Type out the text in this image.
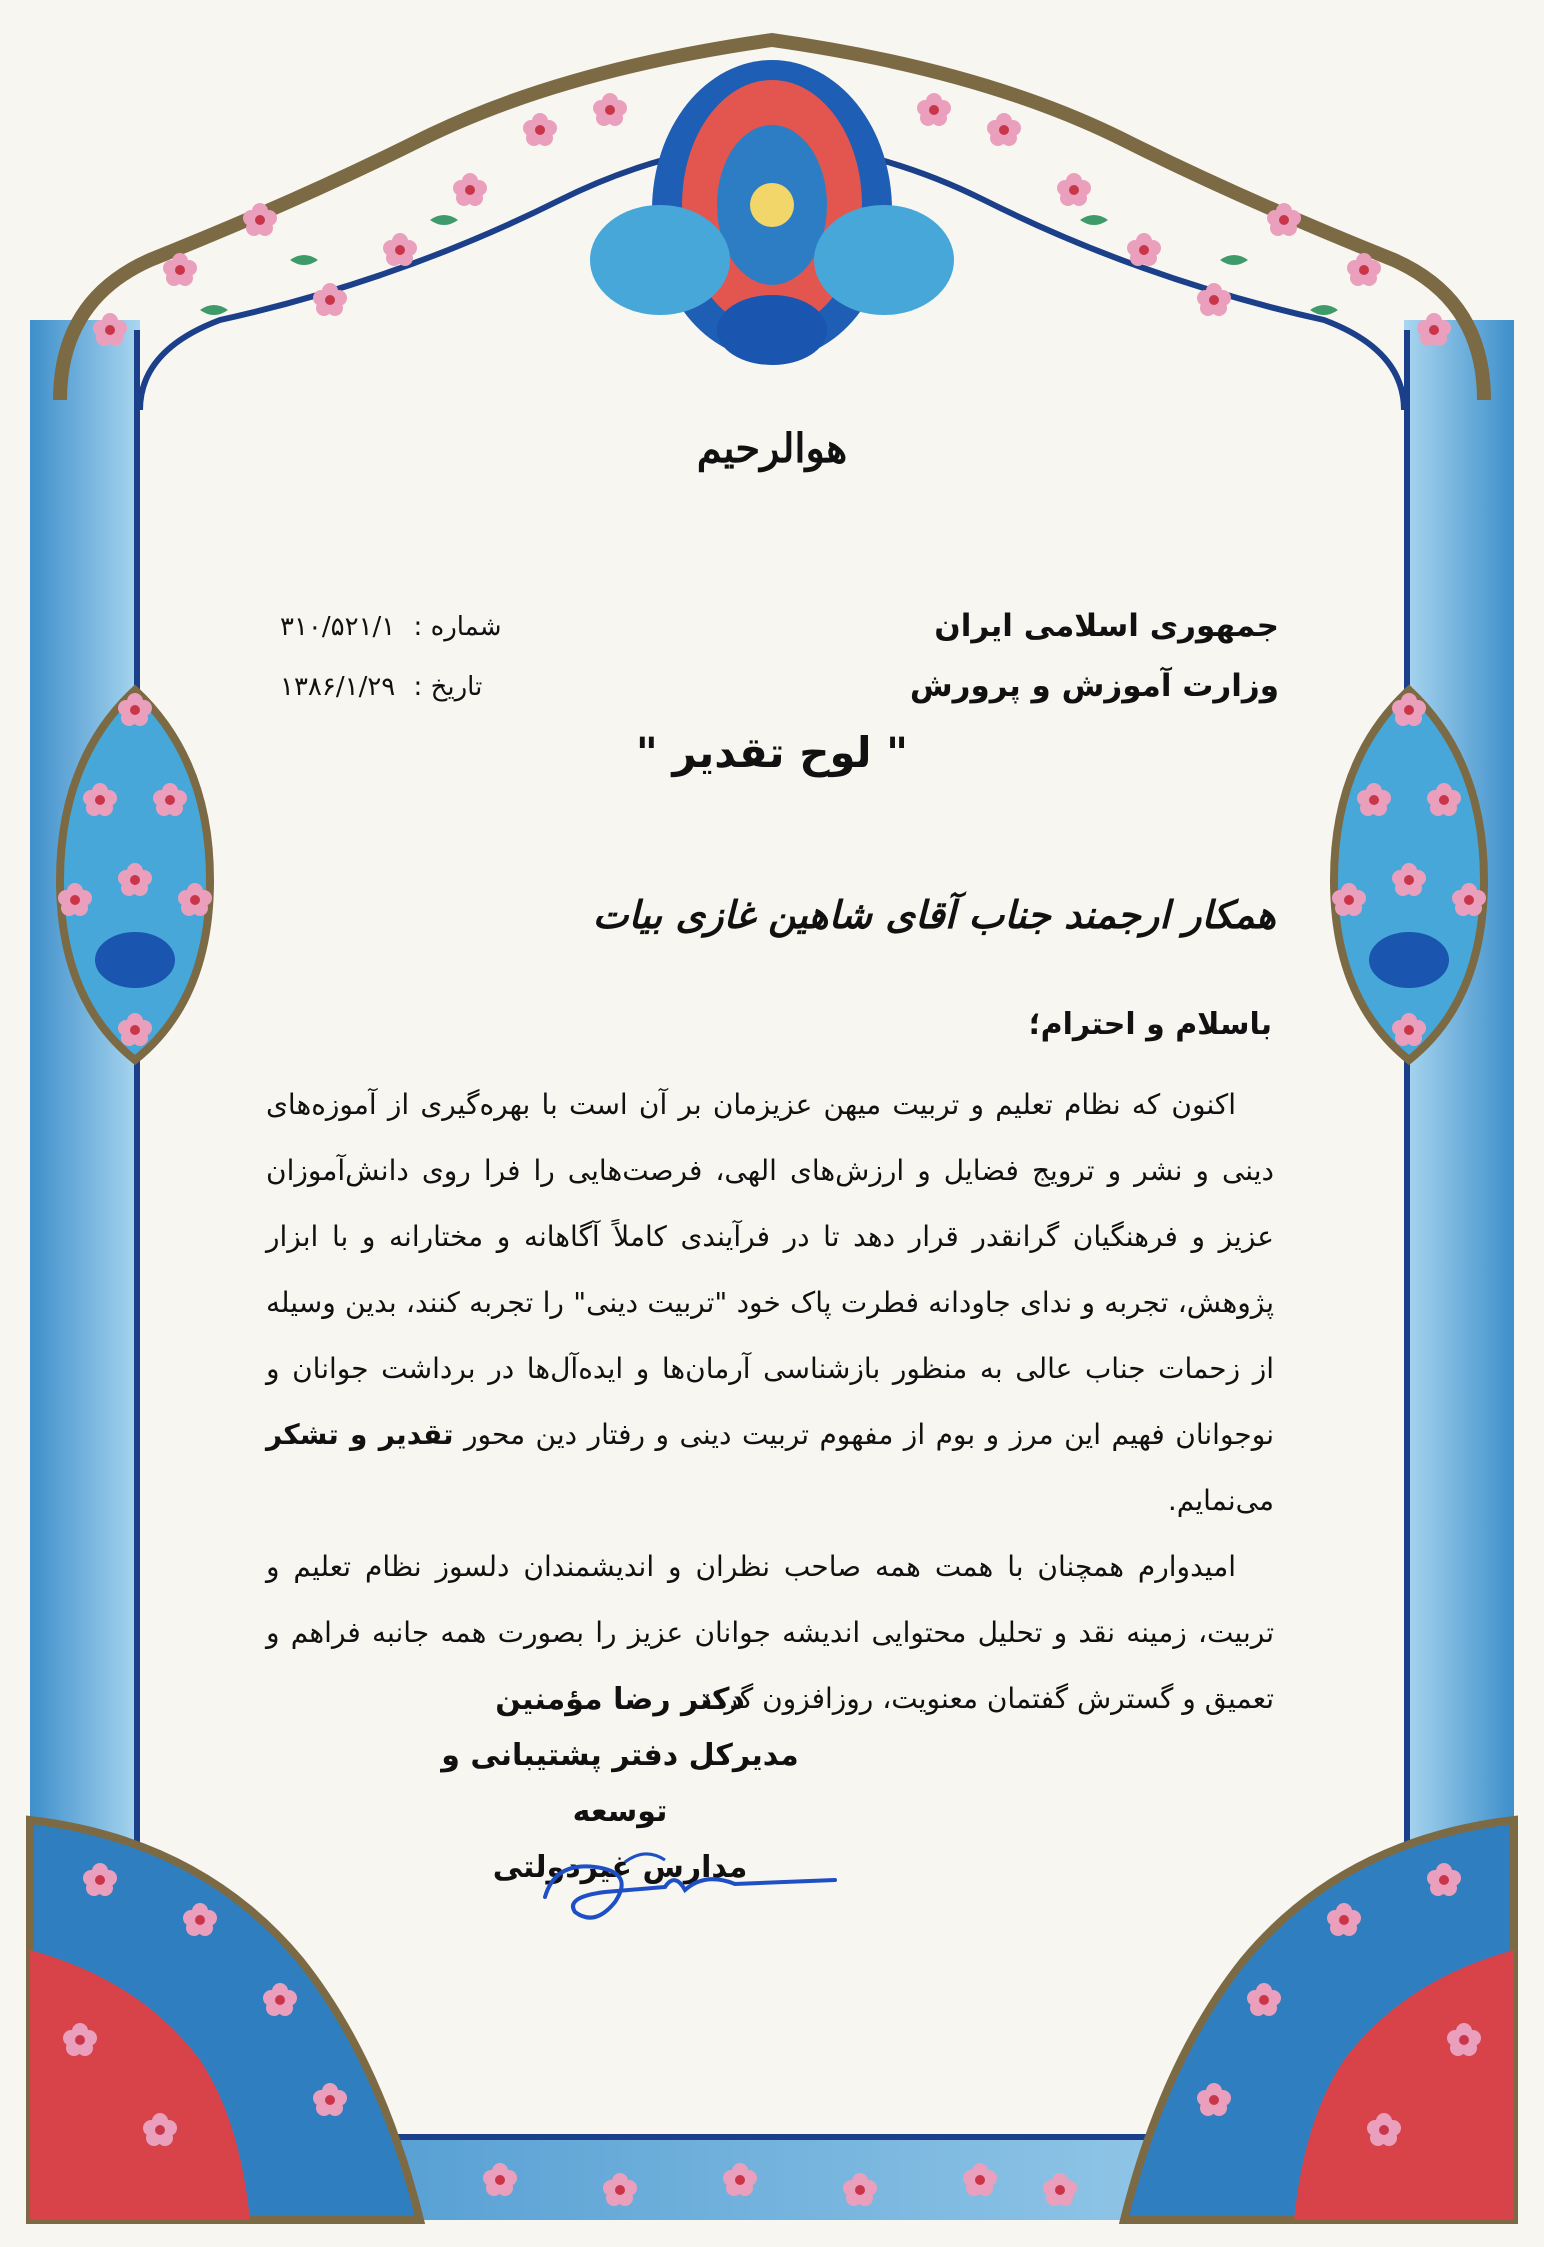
هوالرحیم
جمهوری اسلامی ایران
وزارت آموزش و پرورش
شماره : ۳۱۰/۵۲۱/۱
تاریخ : ۱۳۸۶/۱/۲۹
" لوح تقدیر "
همکار ارجمند جناب آقای شاهین غازی بیات
باسلام و احترام؛

اکنون که نظام تعلیم و تربیت میهن عزیزمان بر آن است با بهره‌گیری از آموزه‌های دینی و نشر و ترویج فضایل و ارزش‌های الهی، فرصت‌هایی را فرا روی دانش‌آموزان عزیز و فرهنگیان گرانقدر قرار دهد تا در فرآیندی کاملاً آگاهانه و مختارانه و با ابزار پژوهش، تجربه و ندای جاودانه فطرت پاک خود "تربیت دینی" را تجربه کنند، بدین وسیله از زحمات جناب عالی به منظور بازشناسی آرمان‌ها و ایده‌آل‌ها در برداشت جوانان و نوجوانان فهیم این مرز و بوم از مفهوم تربیت دینی و رفتار دین محور تقدیر و تشکر می‌نمایم.

امیدوارم همچنان با همت همه صاحب نظران و اندیشمندان دلسوز نظام تعلیم و تربیت، زمینه نقد و تحلیل محتوایی اندیشه جوانان عزیز را بصورت همه جانبه فراهم و تعمیق و گسترش گفتمان معنویت، روزافزون گردد.

دکتر رضا مؤمنین
مدیرکل دفتر پشتیبانی و توسعه
مدارس غیردولتی
